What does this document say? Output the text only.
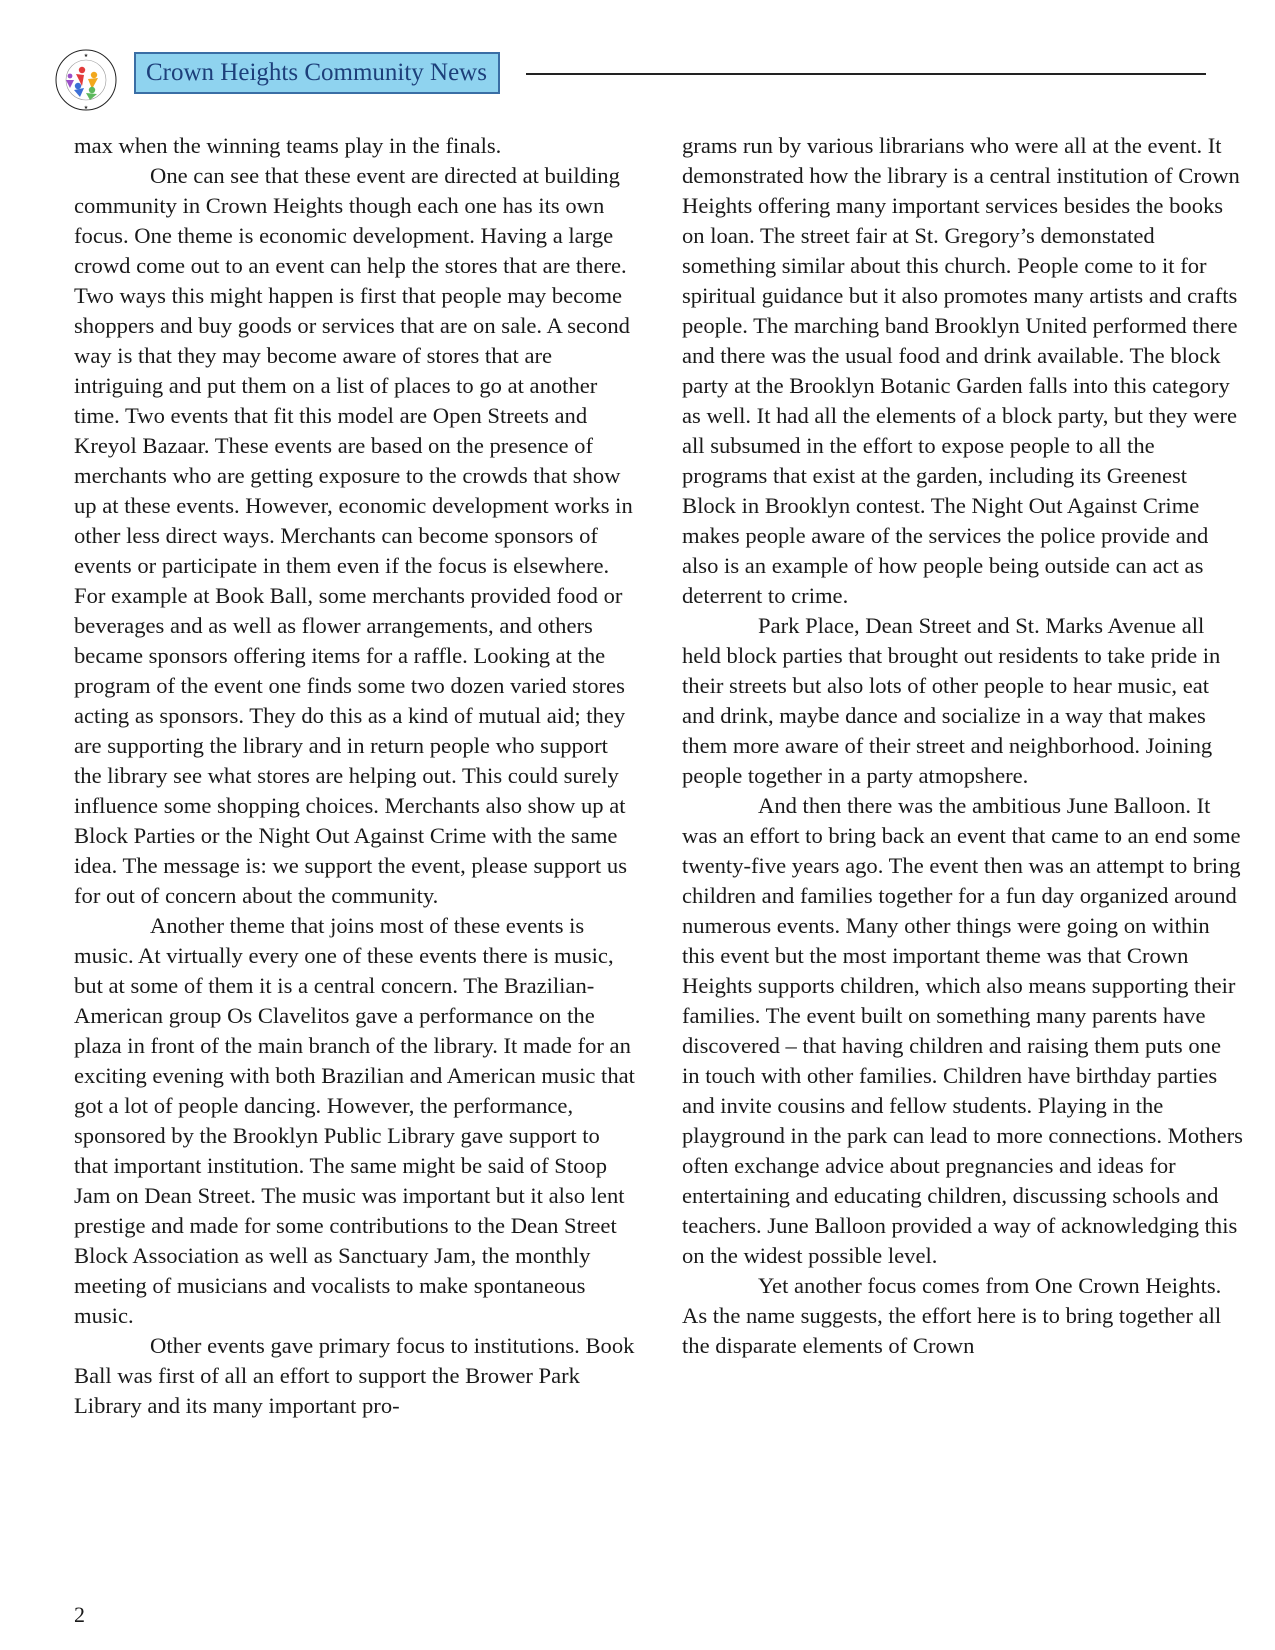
★
★
Crown Heights Community News

max when the winning teams play in the finals.

One can see that these event are directed at building community in Crown Heights though each one has its own focus. One theme is economic development. Having a large crowd come out to an event can help the stores that are there. Two ways this might happen is first that people may become shoppers and buy goods or services that are on sale. A second way is that they may become aware of stores that are intriguing and put them on a list of places to go at another time. Two events that fit this model are Open Streets and Kreyol Bazaar. These events are based on the presence of merchants who are getting exposure to the crowds that show up at these events. However, economic development works in other less direct ways. Merchants can become sponsors of events or participate in them even if the focus is elsewhere. For example at Book Ball, some merchants provided food or beverages and as well as flower arrangements, and others became sponsors offering items for a raffle. Looking at the program of the event one finds some two dozen varied stores acting as sponsors. They do this as a kind of mutual aid; they are supporting the library and in return people who support the library see what stores are helping out. This could surely influence some shopping choices. Merchants also show up at Block Parties or the Night Out Against Crime with the same idea. The message is: we support the event, please support us for out of concern about the community.

Another theme that joins most of these events is music. At virtually every one of these events there is music, but at some of them it is a central concern. The Brazilian-American group Os Clavelitos gave a performance on the plaza in front of the main branch of the library. It made for an exciting evening with both Brazilian and American music that got a lot of people dancing. However, the performance, sponsored by the Brooklyn Public Library gave support to that important institution. The same might be said of Stoop Jam on Dean Street. The music was important but it also lent prestige and made for some contributions to the Dean Street Block Association as well as Sanctuary Jam, the monthly meeting of musicians and vocalists to make spontaneous music.

Other events gave primary focus to institutions. Book Ball was first of all an effort to support the Brower Park Library and its many important pro-

grams run by various librarians who were all at the event. It demonstrated how the library is a central institution of Crown Heights offering many important services besides the books on loan. The street fair at St. Gregory’s demonstated something similar about this church. People come to it for spiritual guidance but it also promotes many artists and crafts people. The marching band Brooklyn United performed there and there was the usual food and drink available. The block party at the Brooklyn Botanic Garden falls into this category as well. It had all the elements of a block party, but they were all subsumed in the effort to expose people to all the programs that exist at the garden, including its Greenest Block in Brooklyn contest. The Night Out Against Crime makes people aware of the services the police provide and also is an example of how people being outside can act as deterrent to crime.

Park Place, Dean Street and St. Marks Avenue all held block parties that brought out residents to take pride in their streets but also lots of other people to hear music, eat and drink, maybe dance and socialize in a way that makes them more aware of their street and neighborhood. Joining people together in a party atmopshere.

And then there was the ambitious June Balloon. It was an effort to bring back an event that came to an end some twenty-five years ago. The event then was an attempt to bring children and families together for a fun day organized around numerous events. Many other things were going on within this event but the most important theme was that Crown Heights supports children, which also means supporting their families. The event built on something many parents have discovered – that having children and raising them puts one in touch with other families. Children have birthday parties and invite cousins and fellow students. Playing in the playground in the park can lead to more connections. Mothers often exchange advice about pregnancies and ideas for entertaining and educating children, discussing schools and teachers. June Balloon provided a way of acknowledging this on the widest possible level.

Yet another focus comes from One Crown Heights. As the name suggests, the effort here is to bring together all the disparate elements of Crown

2
